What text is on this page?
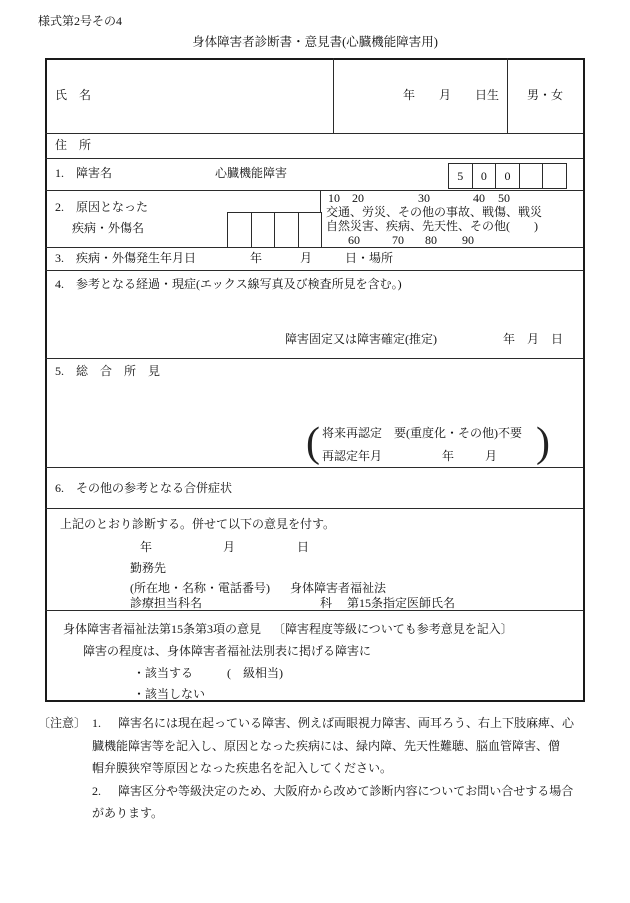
様式第2号その4
身体障害者診断書・意見書(心臓機能障害用)
氏　名	年　　月　　日生	男・女
住　所
1.　障害名	心臓機能障害	5	0	0
2.　原因となった
疾病・外傷名
10 20	30	40 50
交通、労災、その他の事故、戦傷、戦災
自然災害、疾病、先天性、その他(　　)
60	70 80 90
3.　疾病・外傷発生年月日	年	月	日・場所
4.　参考となる経過・現症(エックス線写真及び検査所見を含む。)
障害固定又は障害確定(推定)	年　月　日
5.　総　合　所　見
(	)
将来再認定　要(重度化・その他)不要
再認定年月	年	月
6.　その他の参考となる合併症状
上記のとおり診断する。併せて以下の意見を付す。
年	月	日
勤務先
(所在地・名称・電話番号) 身体障害者福祉法
診療担当科名	科 第15条指定医師氏名
身体障害者福祉法第15条第3項の意見 〔障害程度等級についても参考意見を記入〕
障害の程度は、身体障害者福祉法別表に掲げる障害に
・該当する	(　級相当)
・該当しない
〔注意〕 1. 障害名には現在起っている障害、例えば両眼視力障害、両耳ろう、右上下肢麻痺、心
臓機能障害等を記入し、原因となった疾病には、緑内障、先天性難聴、脳血管障害、僧
帽弁膜狭窄等原因となった疾患名を記入してください。
2. 障害区分や等級決定のため、大阪府から改めて診断内容についてお問い合せする場合
があります。
